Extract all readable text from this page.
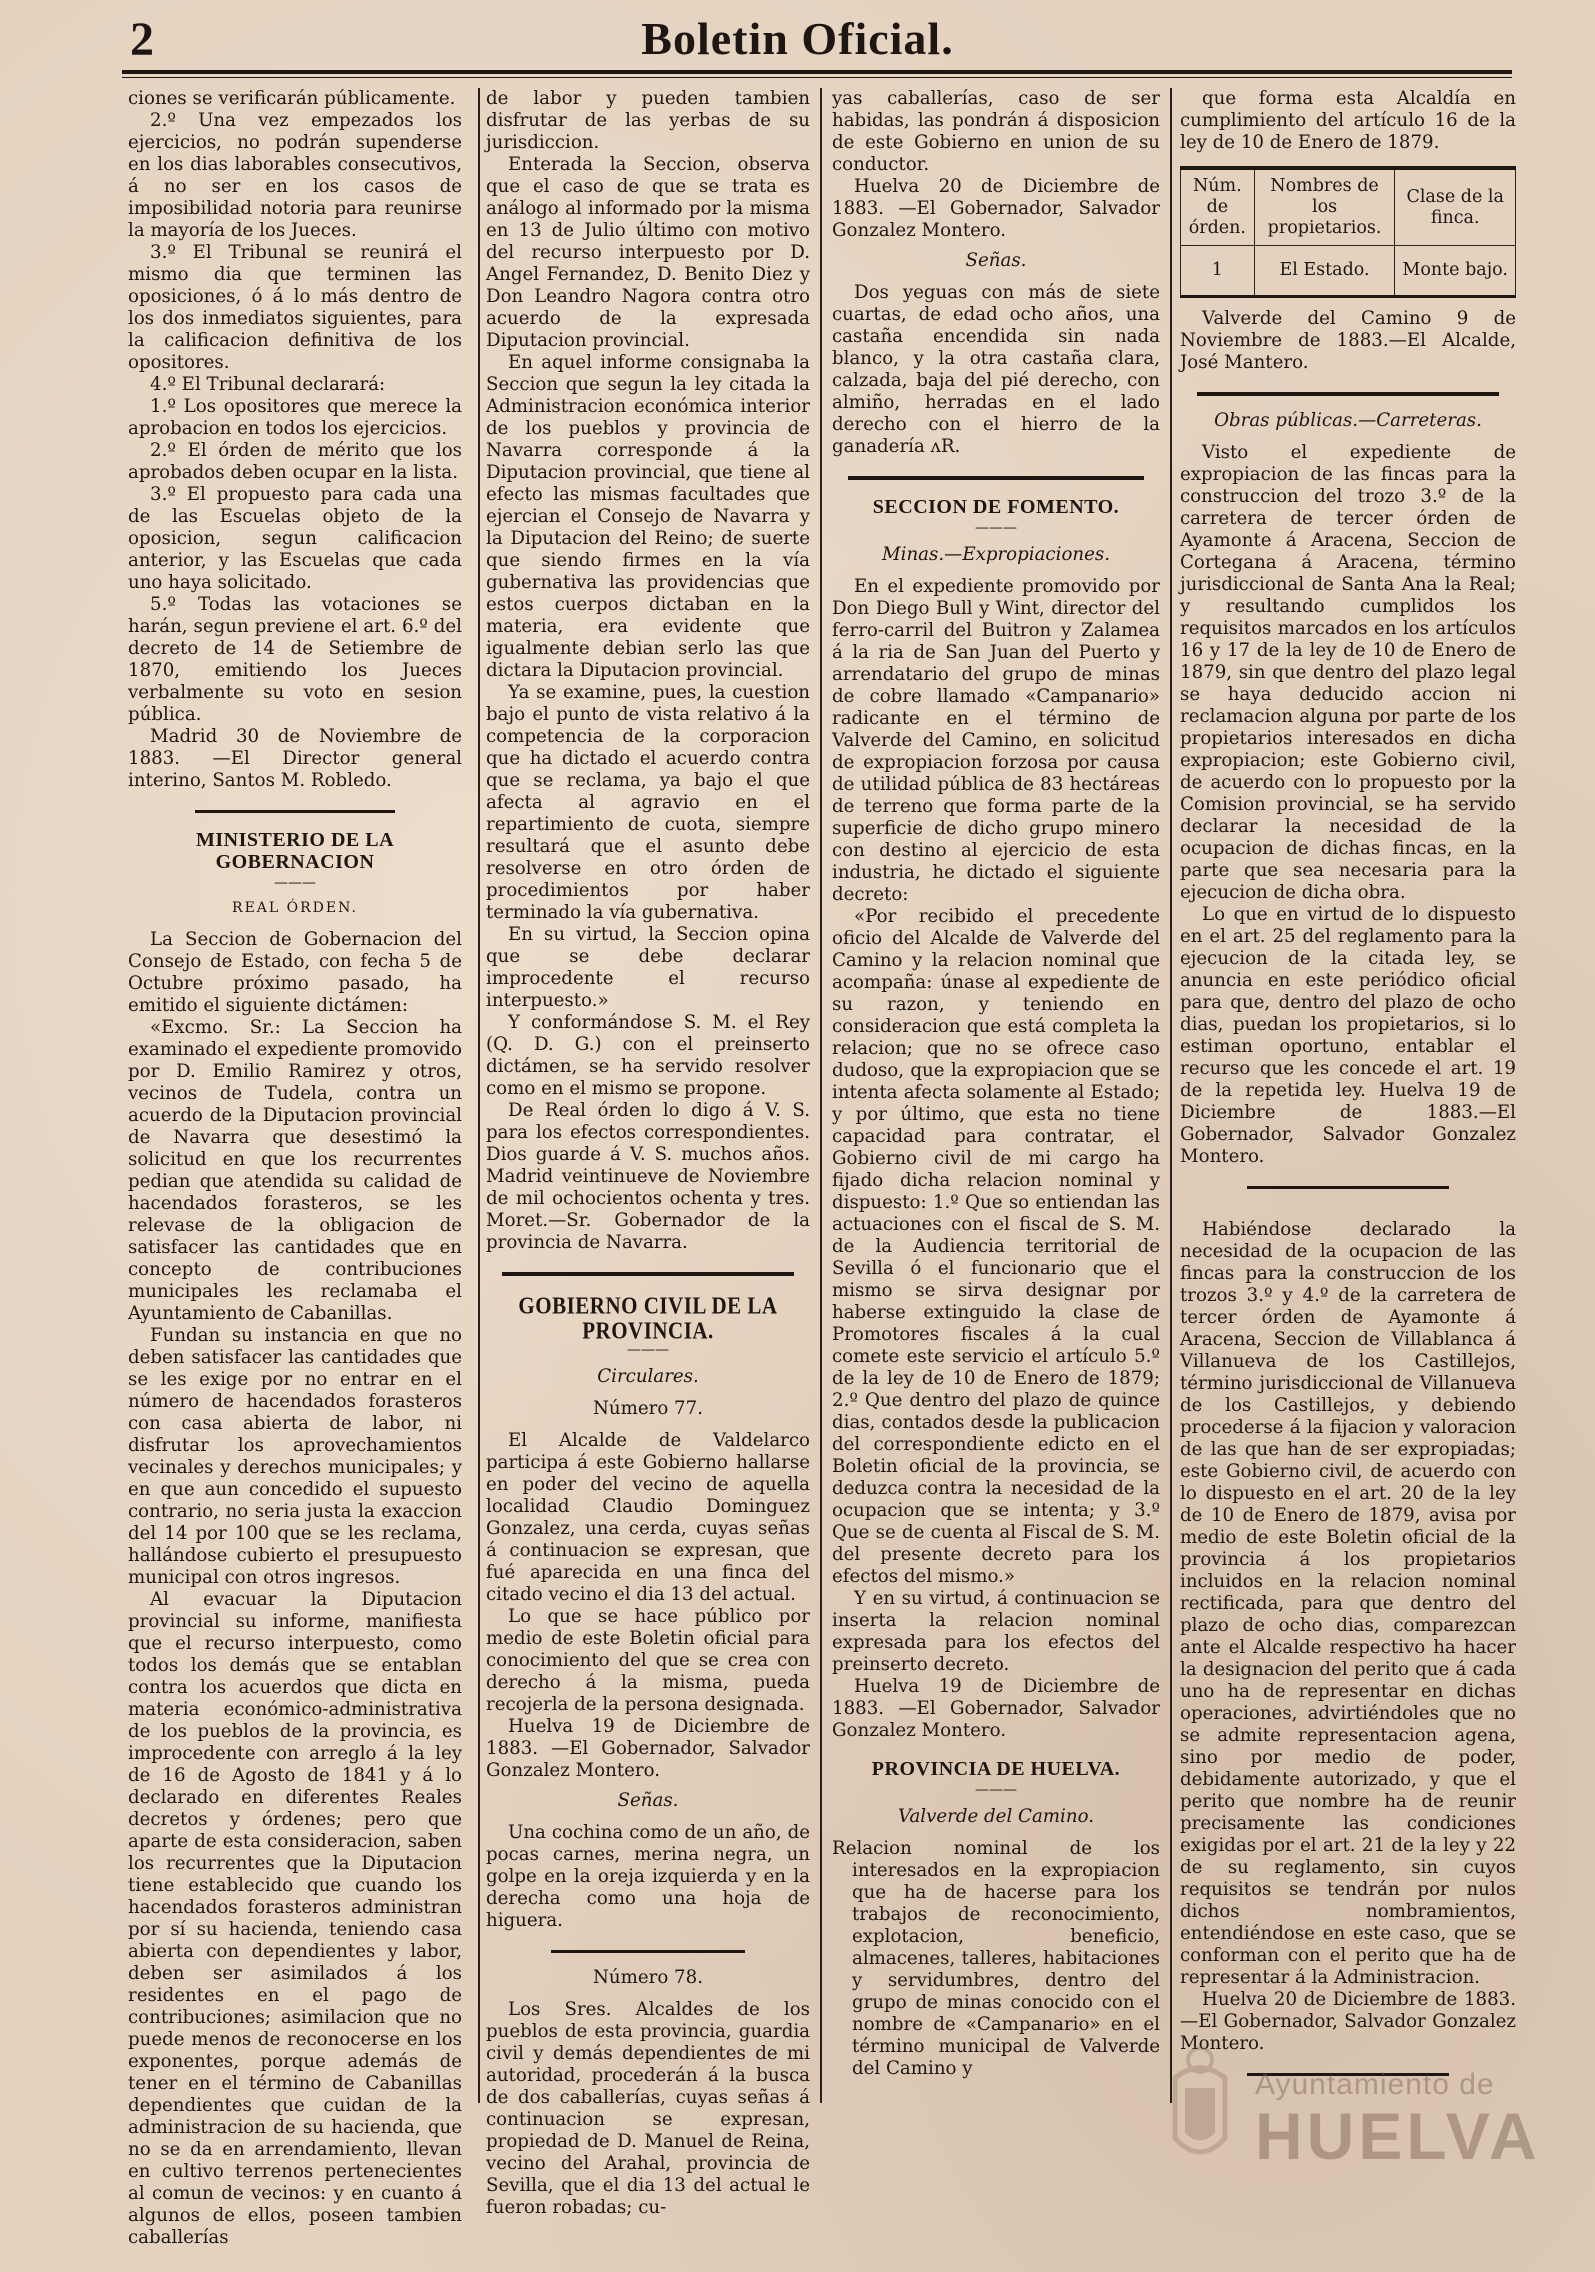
2	Boletin Oficial.

ciones se verificarán públicamente.

2.º Una vez empezados los ejercicios, no podrán supenderse en los dias laborables consecutivos, á no ser en los casos de imposibilidad notoria para reunirse la mayoría de los Jueces.

3.º El Tribunal se reunirá el mismo dia que terminen las oposiciones, ó á lo más dentro de los dos inmediatos siguientes, para la calificacion definitiva de los opositores.

4.º El Tribunal declarará:

1.º Los opositores que merece la aprobacion en todos los ejercicios.

2.º El órden de mérito que los aprobados deben ocupar en la lista.

3.º El propuesto para cada una de las Escuelas objeto de la oposicion, segun calificacion anterior, y las Escuelas que cada uno haya solicitado.

5.º Todas las votaciones se harán, segun previene el art. 6.º del decreto de 14 de Setiembre de 1870, emitiendo los Jueces verbalmente su voto en sesion pública.

Madrid 30 de Noviembre de 1883. —El Director general interino, Santos M. Robledo.

MINISTERIO DE LA GOBERNACION
———
REAL ÓRDEN.

La Seccion de Gobernacion del Consejo de Estado, con fecha 5 de Octubre próximo pasado, ha emitido el siguiente dictámen:

«Excmo. Sr.: La Seccion ha examinado el expediente promovido por D. Emilio Ramirez y otros, vecinos de Tudela, contra un acuerdo de la Diputacion provincial de Navarra que desestimó la solicitud en que los recurrentes pedian que atendida su calidad de hacendados forasteros, se les relevase de la obligacion de satisfacer las cantidades que en concepto de contribuciones municipales les reclamaba el Ayuntamiento de Cabanillas.

Fundan su instancia en que no deben satisfacer las cantidades que se les exige por no entrar en el número de hacendados forasteros con casa abierta de labor, ni disfrutar los aprovechamientos vecinales y derechos municipales; y en que aun concedido el supuesto contrario, no seria justa la exaccion del 14 por 100 que se les reclama, hallándose cubierto el presupuesto municipal con otros ingresos.

Al evacuar la Diputacion provincial su informe, manifiesta que el recurso interpuesto, como todos los demás que se entablan contra los acuerdos que dicta en materia económico-administrativa de los pueblos de la provincia, es improcedente con arreglo á la ley de 16 de Agosto de 1841 y á lo declarado en diferentes Reales decretos y órdenes; pero que aparte de esta consideracion, saben los recurrentes que la Diputacion tiene establecido que cuando los hacendados forasteros administran por sí su hacienda, teniendo casa abierta con dependientes y labor, deben ser asimilados á los residentes en el pago de contribuciones; asimilacion que no puede menos de reconocerse en los exponentes, porque además de tener en el término de Cabanillas dependientes que cuidan de la administracion de su hacienda, que no se da en arrendamiento, llevan en cultivo terrenos pertenecientes al comun de vecinos: y en cuanto á algunos de ellos, poseen tambien caballerías

de labor y pueden tambien disfrutar de las yerbas de su jurisdiccion.

Enterada la Seccion, observa que el caso de que se trata es análogo al informado por la misma en 13 de Julio último con motivo del recurso interpuesto por D. Angel Fernandez, D. Benito Diez y Don Leandro Nagora contra otro acuerdo de la expresada Diputacion provincial.

En aquel informe consignaba la Seccion que segun la ley citada la Administracion económica interior de los pueblos y provincia de Navarra corresponde á la Diputacion provincial, que tiene al efecto las mismas facultades que ejercian el Consejo de Navarra y la Diputacion del Reino; de suerte que siendo firmes en la vía gubernativa las providencias que estos cuerpos dictaban en la materia, era evidente que igualmente debian serlo las que dictara la Diputacion provincial.

Ya se examine, pues, la cuestion bajo el punto de vista relativo á la competencia de la corporacion que ha dictado el acuerdo contra que se reclama, ya bajo el que afecta al agravio en el repartimiento de cuota, siempre resultará que el asunto debe resolverse en otro órden de procedimientos por haber terminado la vía gubernativa.

En su virtud, la Seccion opina que se debe declarar improcedente el recurso interpuesto.»

Y conformándose S. M. el Rey (Q. D. G.) con el preinserto dictámen, se ha servido resolver como en el mismo se propone.

De Real órden lo digo á V. S. para los efectos correspondientes. Dios guarde á V. S. muchos años. Madrid veintinueve de Noviembre de mil ochocientos ochenta y tres. Moret.—Sr. Gobernador de la provincia de Navarra.

GOBIERNO CIVIL DE LA PROVINCIA.
———
Circulares.
Número 77.

El Alcalde de Valdelarco participa á este Gobierno hallarse en poder del vecino de aquella localidad Claudio Dominguez Gonzalez, una cerda, cuyas señas á continuacion se expresan, que fué aparecida en una finca del citado vecino el dia 13 del actual.

Lo que se hace público por medio de este Boletin oficial para conocimiento del que se crea con derecho á la misma, pueda recojerla de la persona designada.

Huelva 19 de Diciembre de 1883. —El Gobernador, Salvador Gonzalez Montero.

Señas.

Una cochina como de un año, de pocas carnes, merina negra, un golpe en la oreja izquierda y en la derecha como una hoja de higuera.

Número 78.

Los Sres. Alcaldes de los pueblos de esta provincia, guardia civil y demás dependientes de mi autoridad, procederán á la busca de dos caballerías, cuyas señas á continuacion se expresan, propiedad de D. Manuel de Reina, vecino del Arahal, provincia de Sevilla, que el dia 13 del actual le fueron robadas; cu-

yas caballerías, caso de ser habidas, las pondrán á disposicion de este Gobierno en union de su conductor.

Huelva 20 de Diciembre de 1883. —El Gobernador, Salvador Gonzalez Montero.

Señas.

Dos yeguas con más de siete cuartas, de edad ocho años, una castaña encendida sin nada blanco, y la otra castaña clara, calzada, baja del pié derecho, con almiño, herradas en el lado derecho con el hierro de la ganadería ʌR.

SECCION DE FOMENTO.
———
Minas.—Expropiaciones.

En el expediente promovido por Don Diego Bull y Wint, director del ferro-carril del Buitron y Zalamea á la ria de San Juan del Puerto y arrendatario del grupo de minas de cobre llamado «Campanario» radicante en el término de Valverde del Camino, en solicitud de expropiacion forzosa por causa de utilidad pública de 83 hectáreas de terreno que forma parte de la superficie de dicho grupo minero con destino al ejercicio de esta industria, he dictado el siguiente decreto:

«Por recibido el precedente oficio del Alcalde de Valverde del Camino y la relacion nominal que acompaña: únase al expediente de su razon, y teniendo en consideracion que está completa la relacion; que no se ofrece caso dudoso, que la expropiacion que se intenta afecta solamente al Estado; y por último, que esta no tiene capacidad para contratar, el Gobierno civil de mi cargo ha fijado dicha relacion nominal y dispuesto: 1.º Que so entiendan las actuaciones con el fiscal de S. M. de la Audiencia territorial de Sevilla ó el funcionario que el mismo se sirva designar por haberse extinguido la clase de Promotores fiscales á la cual comete este servicio el artículo 5.º de la ley de 10 de Enero de 1879; 2.º Que dentro del plazo de quince dias, contados desde la publicacion del correspondiente edicto en el Boletin oficial de la provincia, se deduzca contra la necesidad de la ocupacion que se intenta; y 3.º Que se de cuenta al Fiscal de S. M. del presente decreto para los efectos del mismo.»

Y en su virtud, á continuacion se inserta la relacion nominal expresada para los efectos del preinserto decreto.

Huelva 19 de Diciembre de 1883. —El Gobernador, Salvador Gonzalez Montero.

PROVINCIA DE HUELVA.
———
Valverde del Camino.

Relacion nominal de los interesados en la expropiacion que ha de hacerse para los trabajos de reconocimiento, explotacion, beneficio, almacenes, talleres, habitaciones y servidumbres, dentro del grupo de minas conocido con el nombre de «Campanario» en el término municipal de Valverde del Camino y

que forma esta Alcaldía en cumplimiento del artículo 16 de la ley de 10 de Enero de 1879.

Núm. de órden.	Nombres de los propietarios.	Clase de la finca.
1	El Estado.	Monte bajo.

Valverde del Camino 9 de Noviembre de 1883.—El Alcalde, José Mantero.

Obras públicas.—Carreteras.

Visto el expediente de expropiacion de las fincas para la construccion del trozo 3.º de la carretera de tercer órden de Ayamonte á Aracena, Seccion de Cortegana á Aracena, término jurisdiccional de Santa Ana la Real; y resultando cumplidos los requisitos marcados en los artículos 16 y 17 de la ley de 10 de Enero de 1879, sin que dentro del plazo legal se haya deducido accion ni reclamacion alguna por parte de los propietarios interesados en dicha expropiacion; este Gobierno civil, de acuerdo con lo propuesto por la Comision provincial, se ha servido declarar la necesidad de la ocupacion de dichas fincas, en la parte que sea necesaria para la ejecucion de dicha obra.

Lo que en virtud de lo dispuesto en el art. 25 del reglamento para la ejecucion de la citada ley, se anuncia en este periódico oficial para que, dentro del plazo de ocho dias, puedan los propietarios, si lo estiman oportuno, entablar el recurso que les concede el art. 19 de la repetida ley. Huelva 19 de Diciembre de 1883.—El Gobernador, Salvador Gonzalez Montero.

Habiéndose declarado la necesidad de la ocupacion de las fincas para la construccion de los trozos 3.º y 4.º de la carretera de tercer órden de Ayamonte á Aracena, Seccion de Villablanca á Villanueva de los Castillejos, término jurisdiccional de Villanueva de los Castillejos, y debiendo procederse á la fijacion y valoracion de las que han de ser expropiadas; este Gobierno civil, de acuerdo con lo dispuesto en el art. 20 de la ley de 10 de Enero de 1879, avisa por medio de este Boletin oficial de la provincia á los propietarios incluidos en la relacion nominal rectificada, para que dentro del plazo de ocho dias, comparezcan ante el Alcalde respectivo ha hacer la designacion del perito que á cada uno ha de representar en dichas operaciones, advirtiéndoles que no se admite representacion agena, sino por medio de poder, debidamente autorizado, y que el perito que nombre ha de reunir precisamente las condiciones exigidas por el art. 21 de la ley y 22 de su reglamento, sin cuyos requisitos se tendrán por nulos dichos nombramientos, entendiéndose en este caso, que se conforman con el perito que ha de representar á la Administracion.

Huelva 20 de Diciembre de 1883. —El Gobernador, Salvador Gonzalez Montero.

Ayuntamiento de
HUELVA
